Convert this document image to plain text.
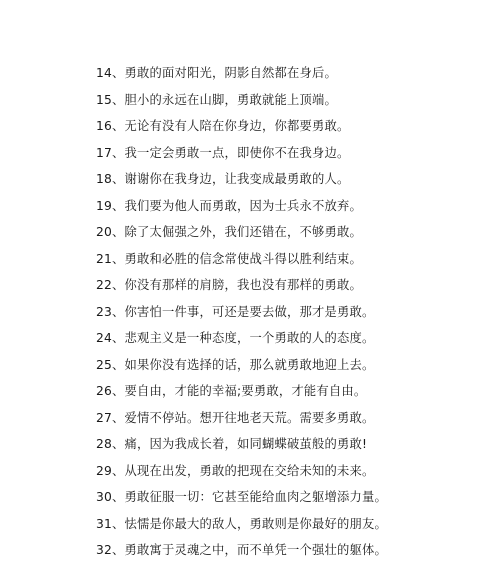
14、勇敢的面对阳光，阴影自然都在身后。
15、胆小的永远在山脚，勇敢就能上顶端。
16、无论有没有人陪在你身边，你都要勇敢。
17、我一定会勇敢一点，即使你不在我身边。
18、谢谢你在我身边，让我变成最勇敢的人。
19、我们要为他人而勇敢，因为士兵永不放弃。
20、除了太倔强之外，我们还错在，不够勇敢。
21、勇敢和必胜的信念常使战斗得以胜利结束。
22、你没有那样的肩膀，我也没有那样的勇敢。
23、你害怕一件事，可还是要去做，那才是勇敢。
24、悲观主义是一种态度，一个勇敢的人的态度。
25、如果你没有选择的话，那么就勇敢地迎上去。
26、要自由，才能的幸福;要勇敢，才能有自由。
27、爱情不停站。想开往地老天荒。需要多勇敢。
28、痛，因为我成长着，如同蝴蝶破茧般的勇敢!
29、从现在出发，勇敢的把现在交给未知的未来。
30、勇敢征服一切：它甚至能给血肉之躯增添力量。
31、怯懦是你最大的敌人，勇敢则是你最好的朋友。
32、勇敢寓于灵魂之中，而不单凭一个强壮的躯体。
